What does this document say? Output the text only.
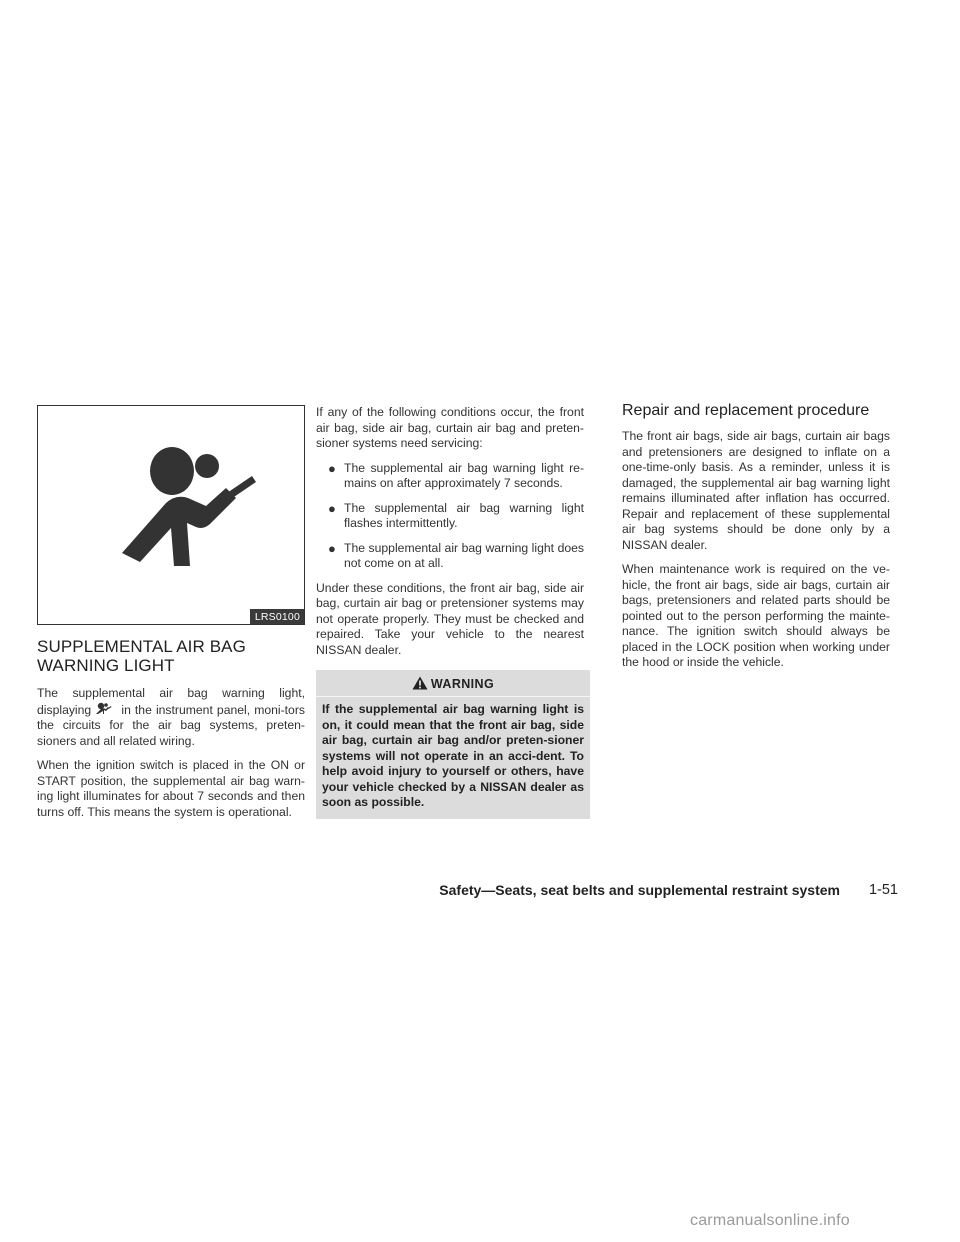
LRS0100
SUPPLEMENTAL AIR BAG
WARNING LIGHT

The supplemental air bag warning light, displaying in the instrument panel, moni-tors the circuits for the air bag systems, preten-sioners and all related wiring.

When the ignition switch is placed in the ON or START position, the supplemental air bag warn-ing light illuminates for about 7 seconds and then turns off. This means the system is operational.

If any of the following conditions occur, the front air bag, side air bag, curtain air bag and preten-sioner systems need servicing:

● The supplemental air bag warning light re-mains on after approximately 7 seconds.
● The supplemental air bag warning light flashes intermittently.
● The supplemental air bag warning light does not come on at all.

Under these conditions, the front air bag, side air bag, curtain air bag or pretensioner systems may not operate properly. They must be checked and repaired. Take your vehicle to the nearest NISSAN dealer.

WARNING

If the supplemental air bag warning light is on, it could mean that the front air bag, side air bag, curtain air bag and/or preten-sioner systems will not operate in an acci-dent. To help avoid injury to yourself or others, have your vehicle checked by a NISSAN dealer as soon as possible.

Repair and replacement procedure

The front air bags, side air bags, curtain air bags and pretensioners are designed to inflate on a one-time-only basis. As a reminder, unless it is damaged, the supplemental air bag warning light remains illuminated after inflation has occurred. Repair and replacement of these supplemental air bag systems should be done only by a NISSAN dealer.

When maintenance work is required on the ve-hicle, the front air bags, side air bags, curtain air bags, pretensioners and related parts should be pointed out to the person performing the mainte-nance. The ignition switch should always be placed in the LOCK position when working under the hood or inside the vehicle.

Safety—Seats, seat belts and supplemental restraint system 1-51
carmanualsonline.info
